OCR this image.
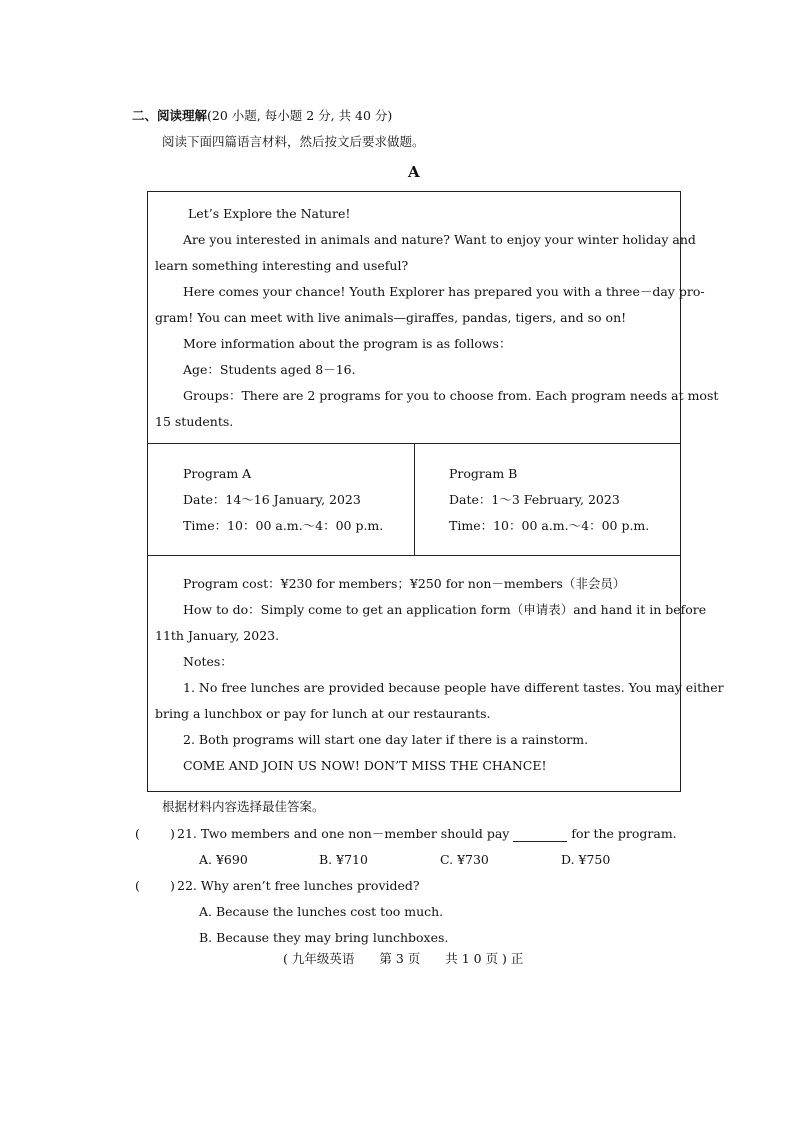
二、阅读理解(20 小题, 每小题 2 分, 共 40 分)
阅读下面四篇语言材料，然后按文后要求做题。
A
Let’s Explore the Nature!
Are you interested in animals and nature? Want to enjoy your winter holiday and
learn something interesting and useful?
Here comes your chance! Youth Explorer has prepared you with a three－day pro-
gram! You can meet with live animals—giraffes, pandas, tigers, and so on!
More information about the program is as follows：
Age：Students aged 8－16.
Groups：There are 2 programs for you to choose from. Each program needs at most
15 students.
Program A
Date：14～16 January, 2023
Time：10：00 a.m.～4：00 p.m.
Program B
Date：1～3 February, 2023
Time：10：00 a.m.～4：00 p.m.
Program cost：¥230 for members；¥250 for non－members（非会员）
How to do：Simply come to get an application form（申请表）and hand it in before
11th January, 2023.
Notes：
1. No free lunches are provided because people have different tastes. You may either
bring a lunchbox or pay for lunch at our restaurants.
2. Both programs will start one day later if there is a rainstorm.
COME AND JOIN US NOW! DON’T MISS THE CHANCE!
根据材料内容选择最佳答案。
( ) 21. Two members and one non－member should pay	for the program.
A. ¥690	B. ¥710	C. ¥730	D. ¥750
( ) 22. Why aren’t free lunches provided?
A. Because the lunches cost too much.
B. Because they may bring lunchboxes.
( 九年级英语　　第 3 页　　共 1 0 页 ) 正
